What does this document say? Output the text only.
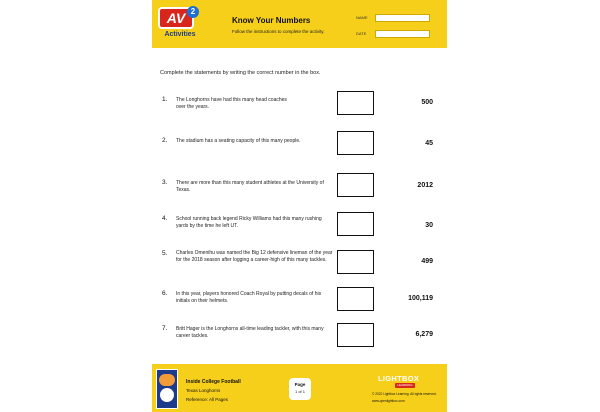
AV 2
Activities
Know Your Numbers
Follow the instructions to complete the activity.
NAME
DATE
Complete the statements by writing the correct number in the box.
1. The Longhorns have had this many head coaches over the years.
500
2. The stadium has a seating capacity of this many people.	45
3. There are more than this many student athletes at the University of Texas.
2012
4. School running back legend Ricky Williams had this many rushing yards by the time he left UT.	30
5. Charles Omenihu was named the Big 12 defensive lineman of the year for the 2018 season after logging a career-high of this many tackles.	499
6. In this year, players honored Coach Royal by putting decals of his initials on their helmets.	100,119
7. Britt Hager is the Longhorns all-time leading tackler, with this many career tackles.	6,279
Inside College Football
Texas Longhorns
Reference: All Pages
Page
1 of 1
LIGHTBOX
LEARNING
© 2022 Lightbox Learning. All rights reserved.
www.openlightbox.com
